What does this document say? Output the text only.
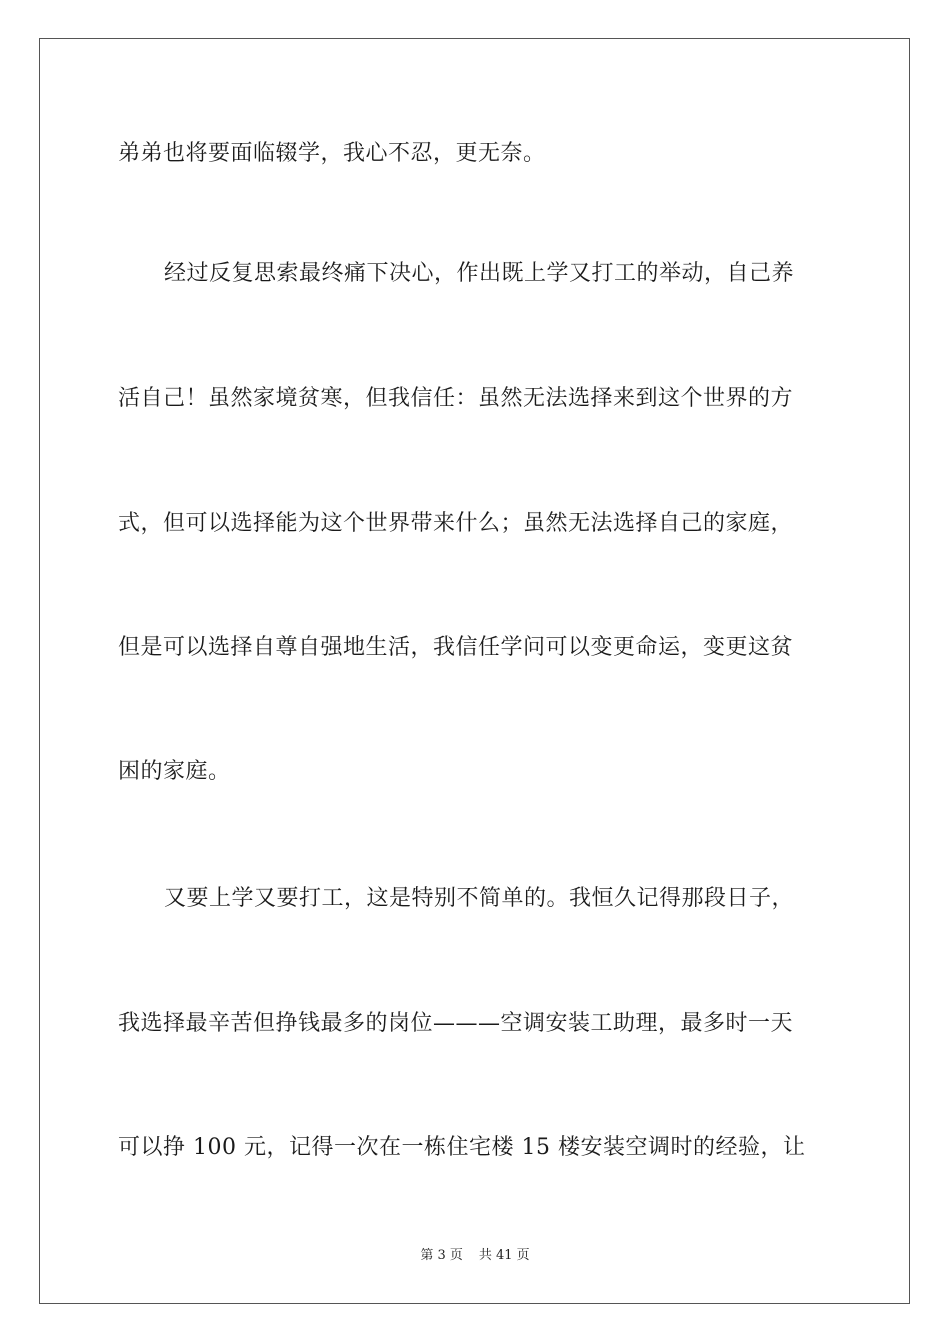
弟弟也将要面临辍学，我心不忍，更无奈。
经过反复思索最终痛下决心，作出既上学又打工的举动，自己养
活自己！虽然家境贫寒，但我信任：虽然无法选择来到这个世界的方
式，但可以选择能为这个世界带来什么；虽然无法选择自己的家庭，
但是可以选择自尊自强地生活，我信任学问可以变更命运，变更这贫
困的家庭。
又要上学又要打工，这是特别不简单的。我恒久记得那段日子，
我选择最辛苦但挣钱最多的岗位———空调安装工助理，最多时一天
可以挣 100 元，记得一次在一栋住宅楼 15 楼安装空调时的经验，让
第 3 页 共 41 页
